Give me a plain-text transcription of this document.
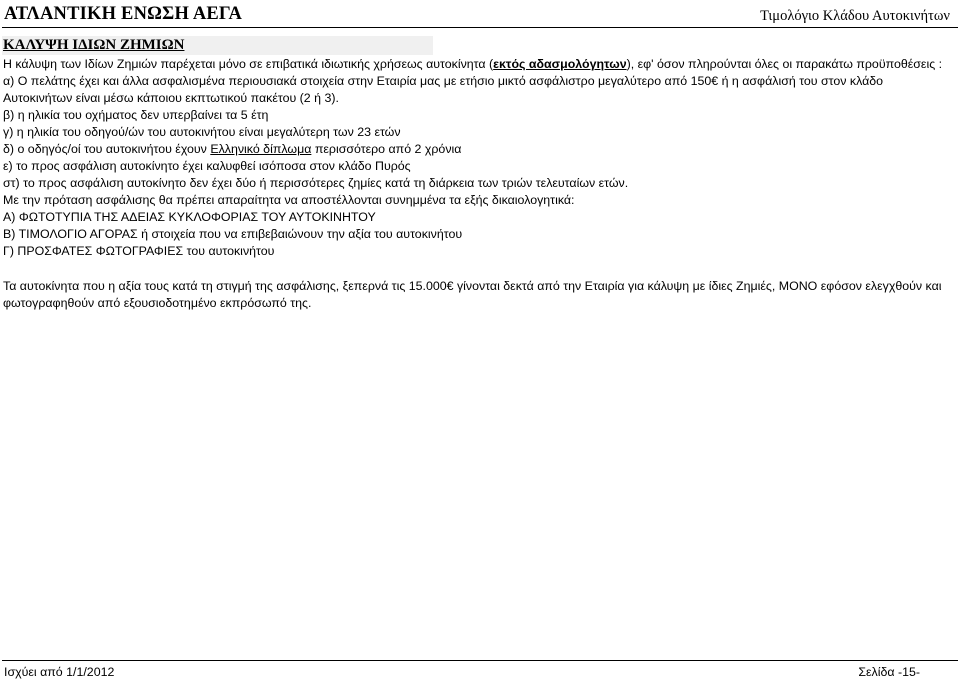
ΑΤΛΑΝΤΙΚΗ ΕΝΩΣΗ ΑΕΓΑ	Τιμολόγιο Κλάδου Αυτοκινήτων
ΚΑΛΥΨΗ ΙΔΙΩΝ ΖΗΜΙΩΝ
Η κάλυψη των Ιδίων Ζημιών παρέχεται μόνο σε επιβατικά ιδιωτικής χρήσεως αυτοκίνητα (εκτός αδασμολόγητων), εφ' όσον πληρούνται όλες οι παρακάτω προϋποθέσεις :
α) Ο πελάτης έχει και άλλα ασφαλισμένα περιουσιακά στοιχεία στην Εταιρία μας με ετήσιο μικτό ασφάλιστρο μεγαλύτερο από 150€ ή η ασφάλισή του στον κλάδο
Αυτοκινήτων είναι μέσω κάποιου εκπτωτικού πακέτου (2 ή 3).
β) η ηλικία του οχήματος δεν υπερβαίνει τα 5 έτη
γ) η ηλικία του οδηγού/ών του αυτοκινήτου είναι μεγαλύτερη των 23 ετών
δ) ο οδηγός/οί του αυτοκινήτου έχουν Ελληνικό δίπλωμα περισσότερο από 2 χρόνια
ε) το προς ασφάλιση αυτοκίνητο έχει καλυφθεί ισόποσα στον κλάδο Πυρός
στ) το προς ασφάλιση αυτοκίνητο δεν έχει δύο ή περισσότερες ζημίες κατά τη διάρκεια των τριών τελευταίων ετών.
Με την πρόταση ασφάλισης θα πρέπει απαραίτητα να αποστέλλονται συνημμένα τα εξής δικαιολογητικά:
Α) ΦΩΤΟΤΥΠΙΑ ΤΗΣ ΑΔΕΙΑΣ ΚΥΚΛΟΦΟΡΙΑΣ ΤΟΥ ΑΥΤΟΚΙΝΗΤΟΥ
Β) ΤΙΜΟΛΟΓΙΟ ΑΓΟΡΑΣ ή στοιχεία που να επιβεβαιώνουν την αξία του αυτοκινήτου
Γ) ΠΡΟΣΦΑΤΕΣ ΦΩΤΟΓΡΑΦΙΕΣ του αυτοκινήτου
Τα αυτοκίνητα που η αξία τους κατά τη στιγμή της ασφάλισης, ξεπερνά τις 15.000€ γίνονται δεκτά από την Εταιρία για κάλυψη με ίδιες Ζημιές, ΜΟΝΟ εφόσον ελεγχθούν και
φωτογραφηθούν από εξουσιοδοτημένο εκπρόσωπό της.
Ισχύει από 1/1/2012	Σελίδα -15-
